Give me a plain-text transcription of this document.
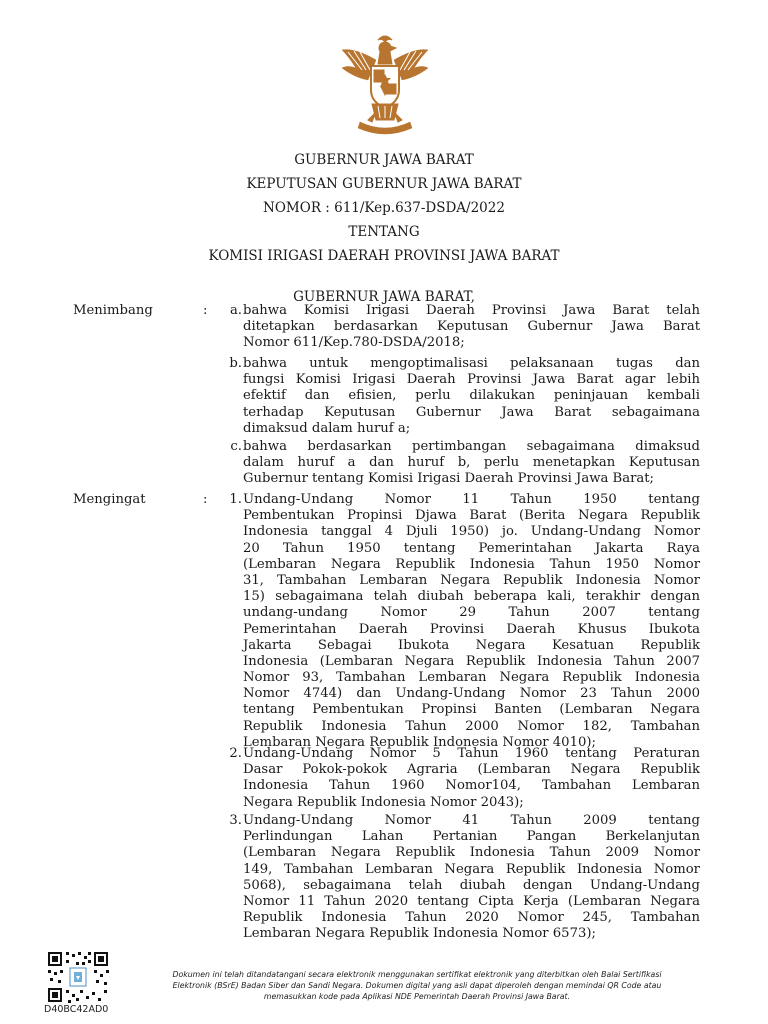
GUBERNUR JAWA BARAT
KEPUTUSAN GUBERNUR JAWA BARAT
NOMOR : 611/Kep.637-DSDA/2022
TENTANG
KOMISI IRIGASI DAERAH PROVINSI JAWA BARAT
GUBERNUR JAWA BARAT,
Menimbang	:
Mengingat	:
a. bahwa Komisi Irigasi Daerah Provinsi Jawa Barat telah
ditetapkan berdasarkan Keputusan Gubernur Jawa Barat
Nomor 611/Kep.780-DSDA/2018;
b. bahwa untuk mengoptimalisasi pelaksanaan tugas dan
fungsi Komisi Irigasi Daerah Provinsi Jawa Barat agar lebih
efektif dan efisien, perlu dilakukan peninjauan kembali
terhadap Keputusan Gubernur Jawa Barat sebagaimana
dimaksud dalam huruf a;
c. bahwa berdasarkan pertimbangan sebagaimana dimaksud
dalam huruf a dan huruf b, perlu menetapkan Keputusan
Gubernur tentang Komisi Irigasi Daerah Provinsi Jawa Barat;
1. Undang-Undang Nomor 11 Tahun 1950 tentang
Pembentukan Propinsi Djawa Barat (Berita Negara Republik
Indonesia tanggal 4 Djuli 1950) jo. Undang-Undang Nomor
20 Tahun 1950 tentang Pemerintahan Jakarta Raya
(Lembaran Negara Republik Indonesia Tahun 1950 Nomor
31, Tambahan Lembaran Negara Republik Indonesia Nomor
15) sebagaimana telah diubah beberapa kali, terakhir dengan
undang-undang Nomor 29 Tahun 2007 tentang
Pemerintahan Daerah Provinsi Daerah Khusus Ibukota
Jakarta Sebagai Ibukota Negara Kesatuan Republik
Indonesia (Lembaran Negara Republik Indonesia Tahun 2007
Nomor 93, Tambahan Lembaran Negara Republik Indonesia
Nomor 4744) dan Undang-Undang Nomor 23 Tahun 2000
tentang Pembentukan Propinsi Banten (Lembaran Negara
Republik Indonesia Tahun 2000 Nomor 182, Tambahan
Lembaran Negara Republik Indonesia Nomor 4010);
2. Undang-Undang Nomor 5 Tahun 1960 tentang Peraturan
Dasar Pokok-pokok Agraria (Lembaran Negara Republik
Indonesia Tahun 1960 Nomor104, Tambahan Lembaran
Negara Republik Indonesia Nomor 2043);
3. Undang-Undang Nomor 41 Tahun 2009 tentang
Perlindungan Lahan Pertanian Pangan Berkelanjutan
(Lembaran Negara Republik Indonesia Tahun 2009 Nomor
149, Tambahan Lembaran Negara Republik Indonesia Nomor
5068), sebagaimana telah diubah dengan Undang-Undang
Nomor 11 Tahun 2020 tentang Cipta Kerja (Lembaran Negara
Republik Indonesia Tahun 2020 Nomor 245, Tambahan
Lembaran Negara Republik Indonesia Nomor 6573);
D40BC42AD0
Dokumen ini telah ditandatangani secara elektronik menggunakan sertifikat elektronik yang diterbitkan oleh Balai Sertifikasi
Elektronik (BSrE) Badan Siber dan Sandi Negara. Dokumen digital yang asli dapat diperoleh dengan memindai QR Code atau
memasukkan kode pada Aplikasi NDE Pemerintah Daerah Provinsi Jawa Barat.
